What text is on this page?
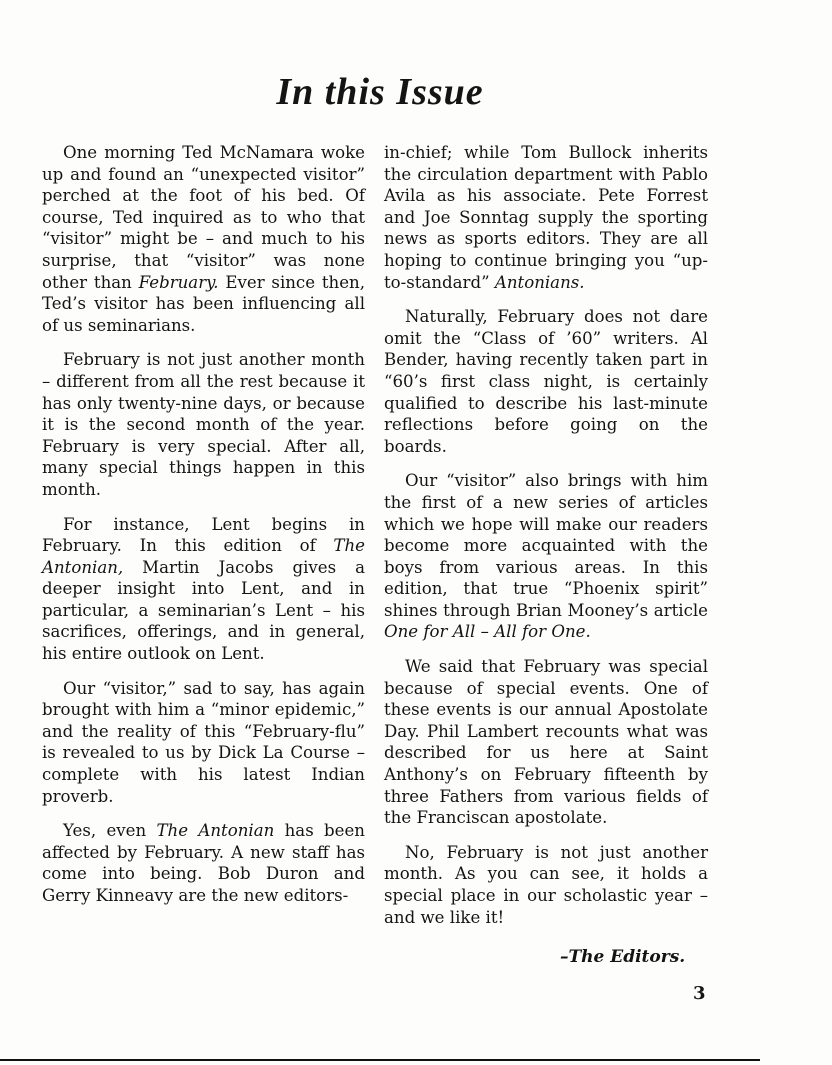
In this Issue

One morning Ted McNamara woke up and found an “unexpected visitor” perched at the foot of his bed. Of course, Ted inquired as to who that “visitor” might be – and much to his surprise, that “visitor” was none other than February. Ever since then, Ted’s visitor has been influencing all of us seminarians.

February is not just another month – different from all the rest because it has only twenty-nine days, or because it is the second month of the year. February is very special. After all, many special things happen in this month.

For instance, Lent begins in February. In this edition of The Antonian, Martin Jacobs gives a deeper insight into Lent, and in particular, a seminarian’s Lent – his sacrifices, offerings, and in general, his entire outlook on Lent.

Our “visitor,” sad to say, has again brought with him a “minor epidemic,” and the reality of this “February-flu” is revealed to us by Dick La Course – complete with his latest Indian proverb.

Yes, even The Antonian has been affected by February. A new staff has come into being. Bob Duron and Gerry Kinneavy are the new editors-

in-chief; while Tom Bullock inherits the circulation department with Pablo Avila as his associate. Pete Forrest and Joe Sonntag supply the sporting news as sports editors. They are all hoping to continue bringing you “up-to-standard” Antonians.

Naturally, February does not dare omit the “Class of ’60” writers. Al Bender, having recently taken part in “60’s first class night, is certainly qualified to describe his last-minute reflections before going on the boards.

Our “visitor” also brings with him the first of a new series of articles which we hope will make our readers become more acquainted with the boys from various areas. In this edition, that true “Phoenix spirit” shines through Brian Mooney’s article One for All – All for One.

We said that February was special because of special events. One of these events is our annual Apostolate Day. Phil Lambert recounts what was described for us here at Saint Anthony’s on February fifteenth by three Fathers from various fields of the Franciscan apostolate.

No, February is not just another month. As you can see, it holds a special place in our scholastic year – and we like it!

–The Editors.
3
